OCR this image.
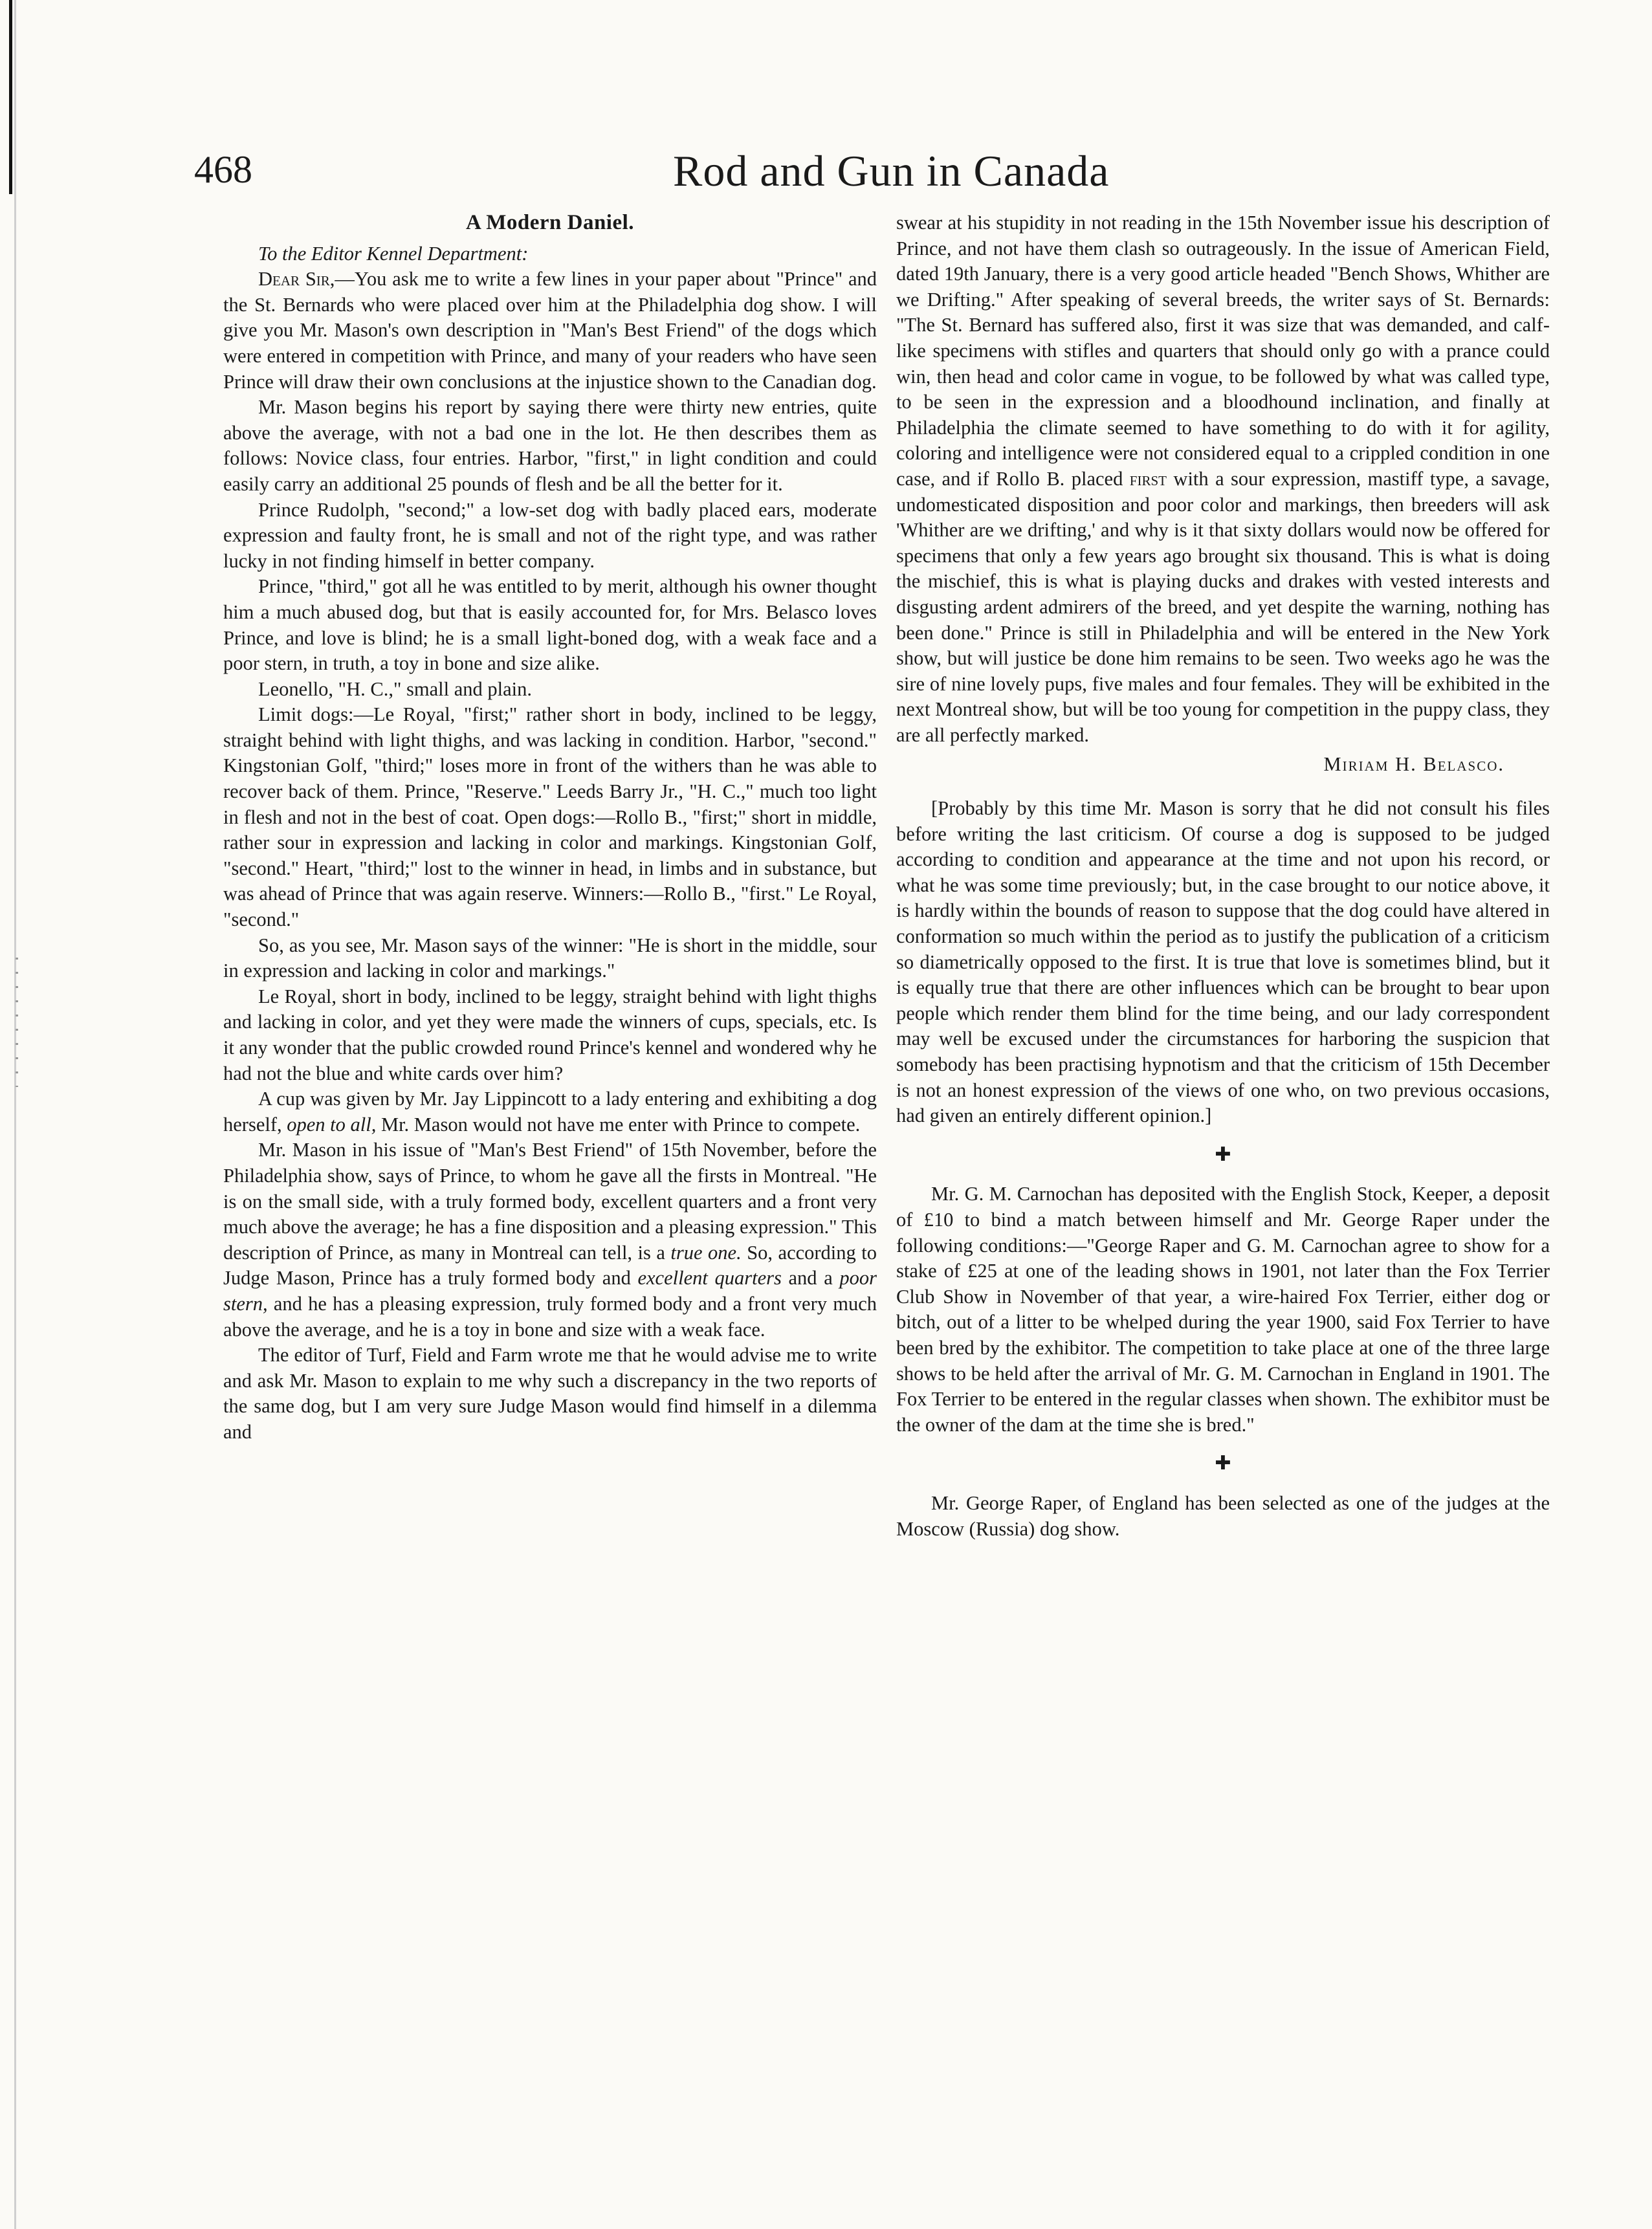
468	Rod and Gun in Canada
A Modern Daniel.

To the Editor Kennel Department:

Dear Sir,—You ask me to write a few lines in your paper about "Prince" and the St. Bernards who were placed over him at the Philadelphia dog show. I will give you Mr. Mason's own description in "Man's Best Friend" of the dogs which were entered in competition with Prince, and many of your readers who have seen Prince will draw their own conclusions at the injustice shown to the Canadian dog.

Mr. Mason begins his report by saying there were thirty new entries, quite above the average, with not a bad one in the lot. He then describes them as follows: Novice class, four entries. Harbor, "first," in light condition and could easily carry an additional 25 pounds of flesh and be all the better for it.

Prince Rudolph, "second;" a low-set dog with badly placed ears, moderate expression and faulty front, he is small and not of the right type, and was rather lucky in not finding himself in better company.

Prince, "third," got all he was entitled to by merit, although his owner thought him a much abused dog, but that is easily accounted for, for Mrs. Belasco loves Prince, and love is blind; he is a small light-boned dog, with a weak face and a poor stern, in truth, a toy in bone and size alike.

Leonello, "H. C.," small and plain.

Limit dogs:—Le Royal, "first;" rather short in body, inclined to be leggy, straight behind with light thighs, and was lacking in condition. Harbor, "second." Kingstonian Golf, "third;" loses more in front of the withers than he was able to recover back of them. Prince, "Reserve." Leeds Barry Jr., "H. C.," much too light in flesh and not in the best of coat. Open dogs:—Rollo B., "first;" short in middle, rather sour in expression and lacking in color and markings. Kingstonian Golf, "second." Heart, "third;" lost to the winner in head, in limbs and in substance, but was ahead of Prince that was again reserve. Winners:—Rollo B., "first." Le Royal, "second."

So, as you see, Mr. Mason says of the winner: "He is short in the middle, sour in expression and lacking in color and markings."

Le Royal, short in body, inclined to be leggy, straight behind with light thighs and lacking in color, and yet they were made the winners of cups, specials, etc. Is it any wonder that the public crowded round Prince's kennel and wondered why he had not the blue and white cards over him?

A cup was given by Mr. Jay Lippincott to a lady entering and exhibiting a dog herself, open to all, Mr. Mason would not have me enter with Prince to compete.

Mr. Mason in his issue of "Man's Best Friend" of 15th November, before the Philadelphia show, says of Prince, to whom he gave all the firsts in Montreal. "He is on the small side, with a truly formed body, excellent quarters and a front very much above the average; he has a fine disposition and a pleasing expression." This description of Prince, as many in Montreal can tell, is a true one. So, according to Judge Mason, Prince has a truly formed body and excellent quarters and a poor stern, and he has a pleasing expression, truly formed body and a front very much above the average, and he is a toy in bone and size with a weak face.

The editor of Turf, Field and Farm wrote me that he would advise me to write and ask Mr. Mason to explain to me why such a discrepancy in the two reports of the same dog, but I am very sure Judge Mason would find himself in a dilemma and

swear at his stupidity in not reading in the 15th November issue his description of Prince, and not have them clash so outrageously. In the issue of American Field, dated 19th January, there is a very good article headed "Bench Shows, Whither are we Drifting." After speaking of several breeds, the writer says of St. Bernards: "The St. Bernard has suffered also, first it was size that was demanded, and calf-like specimens with stifles and quarters that should only go with a prance could win, then head and color came in vogue, to be followed by what was called type, to be seen in the expression and a bloodhound inclination, and finally at Philadelphia the climate seemed to have something to do with it for agility, coloring and intelligence were not considered equal to a crippled condition in one case, and if Rollo B. placed first with a sour expression, mastiff type, a savage, undomesticated disposition and poor color and markings, then breeders will ask 'Whither are we drifting,' and why is it that sixty dollars would now be offered for specimens that only a few years ago brought six thousand. This is what is doing the mischief, this is what is playing ducks and drakes with vested interests and disgusting ardent admirers of the breed, and yet despite the warning, nothing has been done." Prince is still in Philadelphia and will be entered in the New York show, but will justice be done him remains to be seen. Two weeks ago he was the sire of nine lovely pups, five males and four females. They will be exhibited in the next Montreal show, but will be too young for competition in the puppy class, they are all perfectly marked.

Miriam H. Belasco.

[Probably by this time Mr. Mason is sorry that he did not consult his files before writing the last criticism. Of course a dog is supposed to be judged according to condition and appearance at the time and not upon his record, or what he was some time previously; but, in the case brought to our notice above, it is hardly within the bounds of reason to suppose that the dog could have altered in conformation so much within the period as to justify the publication of a criticism so diametrically opposed to the first. It is true that love is sometimes blind, but it is equally true that there are other influences which can be brought to bear upon people which render them blind for the time being, and our lady correspondent may well be excused under the circumstances for harboring the suspicion that somebody has been practising hypnotism and that the criticism of 15th December is not an honest expression of the views of one who, on two previous occasions, had given an entirely different opinion.]

✚

Mr. G. M. Carnochan has deposited with the English Stock, Keeper, a deposit of £10 to bind a match between himself and Mr. George Raper under the following conditions:—"George Raper and G. M. Carnochan agree to show for a stake of £25 at one of the leading shows in 1901, not later than the Fox Terrier Club Show in November of that year, a wire-haired Fox Terrier, either dog or bitch, out of a litter to be whelped during the year 1900, said Fox Terrier to have been bred by the exhibitor. The competition to take place at one of the three large shows to be held after the arrival of Mr. G. M. Carnochan in England in 1901. The Fox Terrier to be entered in the regular classes when shown. The exhibitor must be the owner of the dam at the time she is bred."

✚

Mr. George Raper, of England has been selected as one of the judges at the Moscow (Russia) dog show.
